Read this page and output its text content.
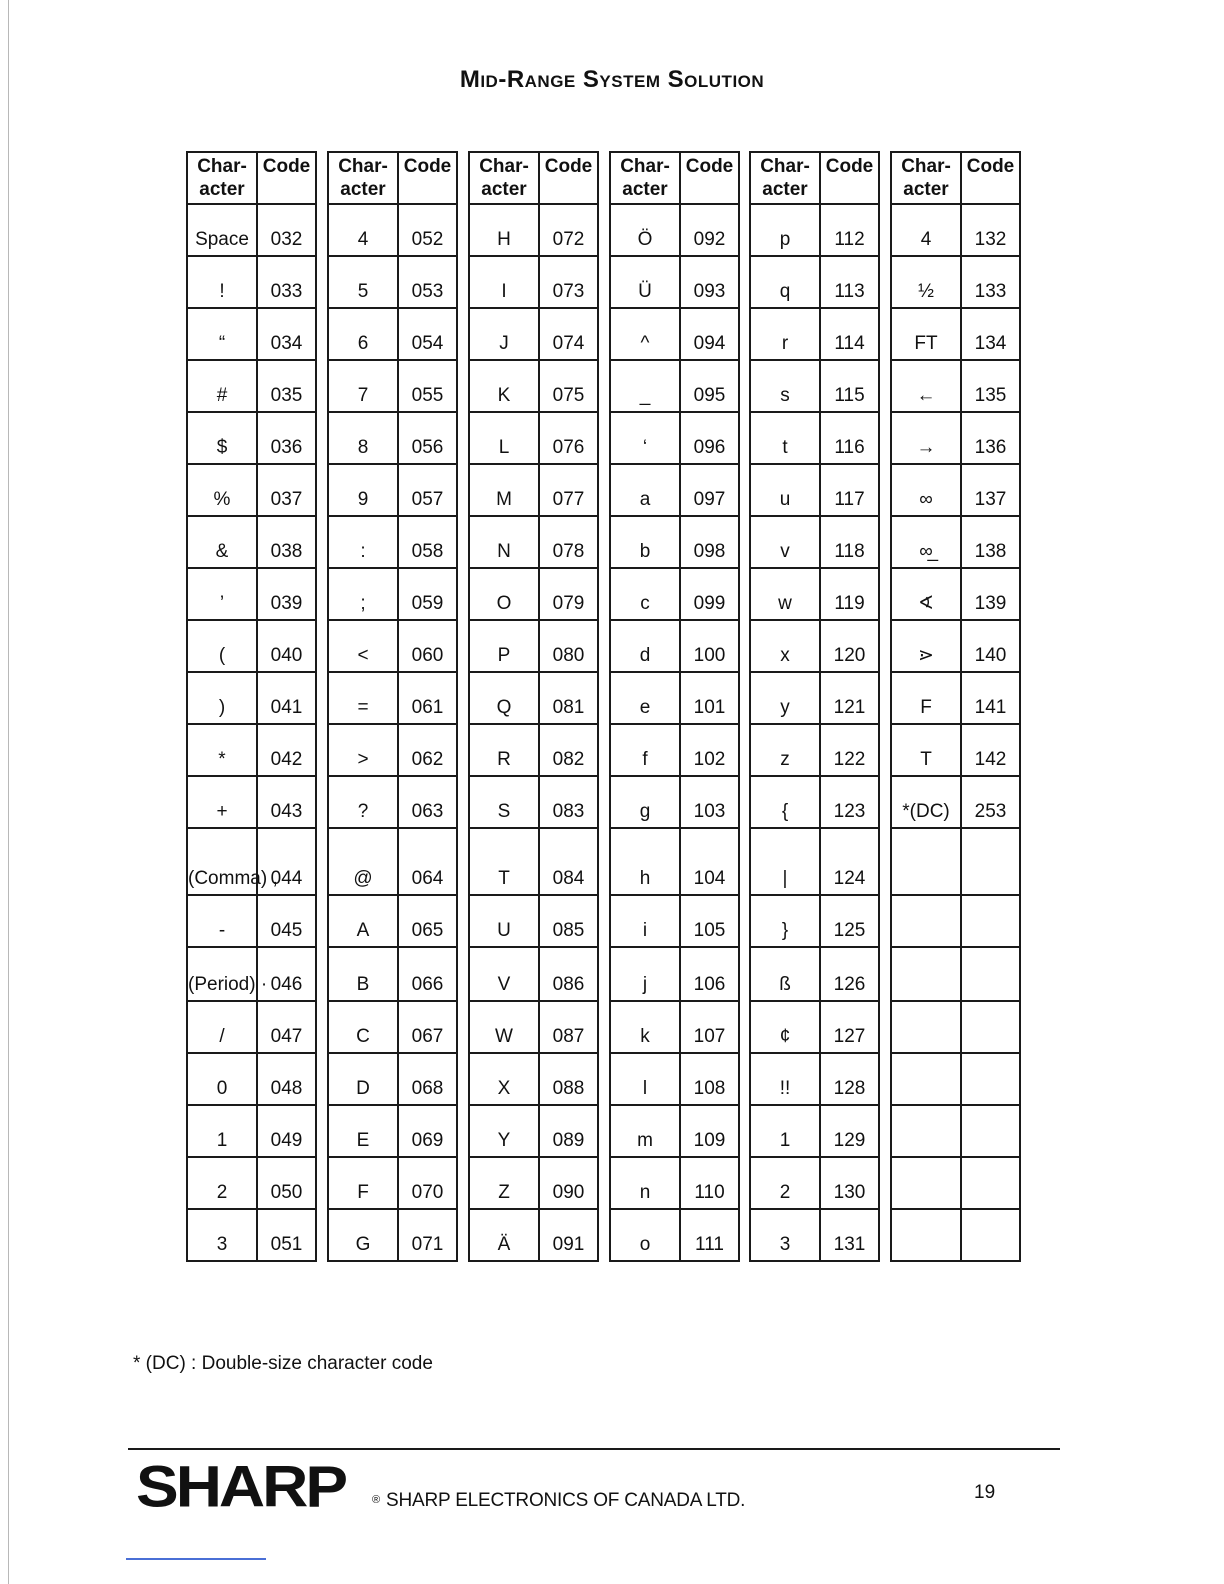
Mid-Range System Solution
Char- acter	Code
Space	032
!	033
“	034
#	035
$	036
%	037
&	038
’	039
(	040
)	041
*	042
+	043
(Comma) ,	044
-	045
(Period) ·	046
/	047
0	048
1	049
2	050
3	051
Char- acter	Code
4	052
5	053
6	054
7	055
8	056
9	057
:	058
;	059
<	060
=	061
>	062
?	063
@	064
A	065
B	066
C	067
D	068
E	069
F	070
G	071
Char- acter	Code
H	072
I	073
J	074
K	075
L	076
M	077
N	078
O	079
P	080
Q	081
R	082
S	083
T	084
U	085
V	086
W	087
X	088
Y	089
Z	090
Ä	091
Char- acter	Code
Ö	092
Ü	093
^	094
_	095
‘	096
a	097
b	098
c	099
d	100
e	101
f	102
g	103
h	104
i	105
j	106
k	107
l	108
m	109
n	110
o	111
Char- acter	Code
p	112
q	113
r	114
s	115
t	116
u	117
v	118
w	119
x	120
y	121
z	122
{	123
|	124
}	125
ß	126
¢	127
!!	128
1	129
2	130
3	131
Char- acter	Code
4	132
½	133
FT	134
←	135
→	136
∞	137
∞̲	138
∢	139
⋗	140
F	141
T	142
*(DC)	253

* (DC) : Double-size character code
SHARP ® SHARP ELECTRONICS OF CANADA LTD.	19
